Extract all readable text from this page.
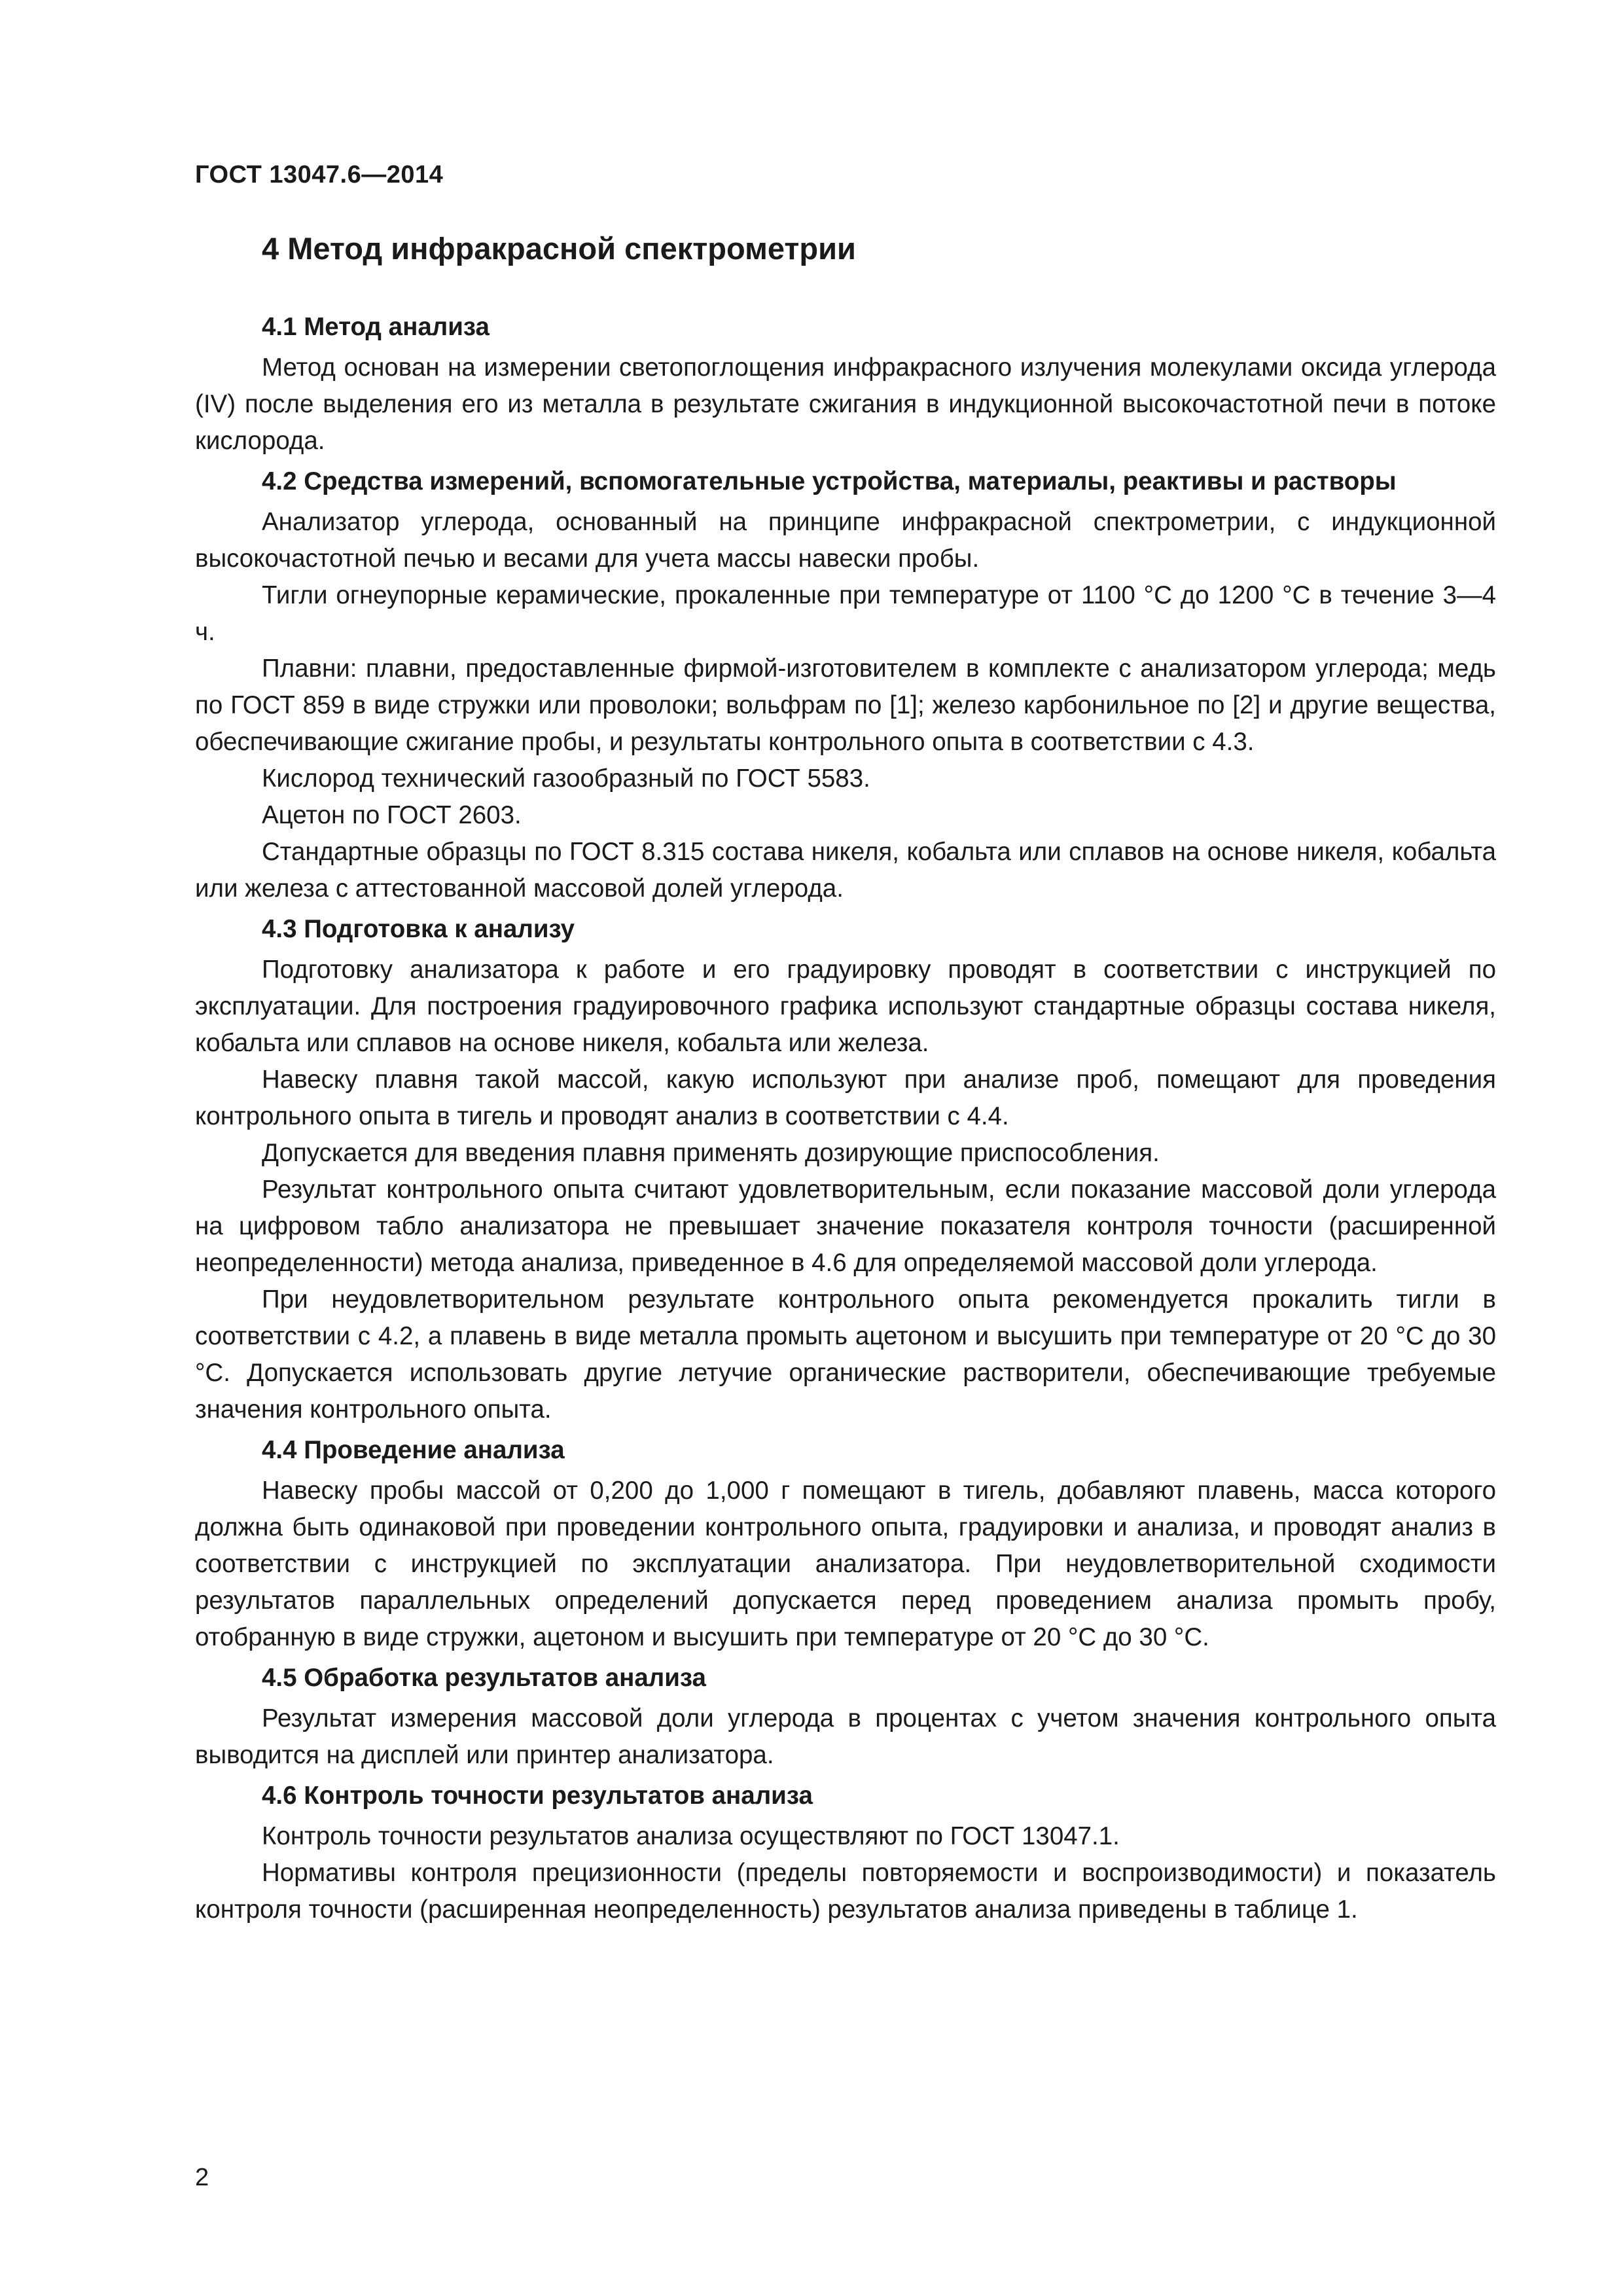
ГОСТ 13047.6—2014
4 Метод инфракрасной спектрометрии
4.1 Метод анализа

Метод основан на измерении светопоглощения инфракрасного излучения молекулами оксида углерода (IV) после выделения его из металла в результате сжигания в индукционной высокочастотной печи в потоке кислорода.

4.2 Средства измерений, вспомогательные устройства, материалы, реактивы и растворы

Анализатор углерода, основанный на принципе инфракрасной спектрометрии, с индукционной высокочастотной печью и весами для учета массы навески пробы.

Тигли огнеупорные керамические, прокаленные при температуре от 1100 °С до 1200 °С в течение 3—4 ч.

Плавни: плавни, предоставленные фирмой-изготовителем в комплекте с анализатором углерода; медь по ГОСТ 859 в виде стружки или проволоки; вольфрам по [1]; железо карбонильное по [2] и другие вещества, обеспечивающие сжигание пробы, и результаты контрольного опыта в соответствии с 4.3.

Кислород технический газообразный по ГОСТ 5583.

Ацетон по ГОСТ 2603.

Стандартные образцы по ГОСТ 8.315 состава никеля, кобальта или сплавов на основе никеля, кобальта или железа с аттестованной массовой долей углерода.

4.3 Подготовка к анализу

Подготовку анализатора к работе и его градуировку проводят в соответствии с инструкцией по эксплуатации. Для построения градуировочного графика используют стандартные образцы состава никеля, кобальта или сплавов на основе никеля, кобальта или железа.

Навеску плавня такой массой, какую используют при анализе проб, помещают для проведения контрольного опыта в тигель и проводят анализ в соответствии с 4.4.

Допускается для введения плавня применять дозирующие приспособления.

Результат контрольного опыта считают удовлетворительным, если показание массовой доли углерода на цифровом табло анализатора не превышает значение показателя контроля точности (расширенной неопределенности) метода анализа, приведенное в 4.6 для определяемой массовой доли углерода.

При неудовлетворительном результате контрольного опыта рекомендуется прокалить тигли в соответствии с 4.2, а плавень в виде металла промыть ацетоном и высушить при температуре от 20 °С до 30 °С. Допускается использовать другие летучие органические растворители, обеспечивающие требуемые значения контрольного опыта.

4.4 Проведение анализа

Навеску пробы массой от 0,200 до 1,000 г помещают в тигель, добавляют плавень, масса которого должна быть одинаковой при проведении контрольного опыта, градуировки и анализа, и проводят анализ в соответствии с инструкцией по эксплуатации анализатора. При неудовлетворительной сходимости результатов параллельных определений допускается перед проведением анализа промыть пробу, отобранную в виде стружки, ацетоном и высушить при температуре от 20 °С до 30 °С.

4.5 Обработка результатов анализа

Результат измерения массовой доли углерода в процентах с учетом значения контрольного опыта выводится на дисплей или принтер анализатора.

4.6 Контроль точности результатов анализа

Контроль точности результатов анализа осуществляют по ГОСТ 13047.1.

Нормативы контроля прецизионности (пределы повторяемости и воспроизводимости) и показатель контроля точности (расширенная неопределенность) результатов анализа приведены в таблице 1.

2
